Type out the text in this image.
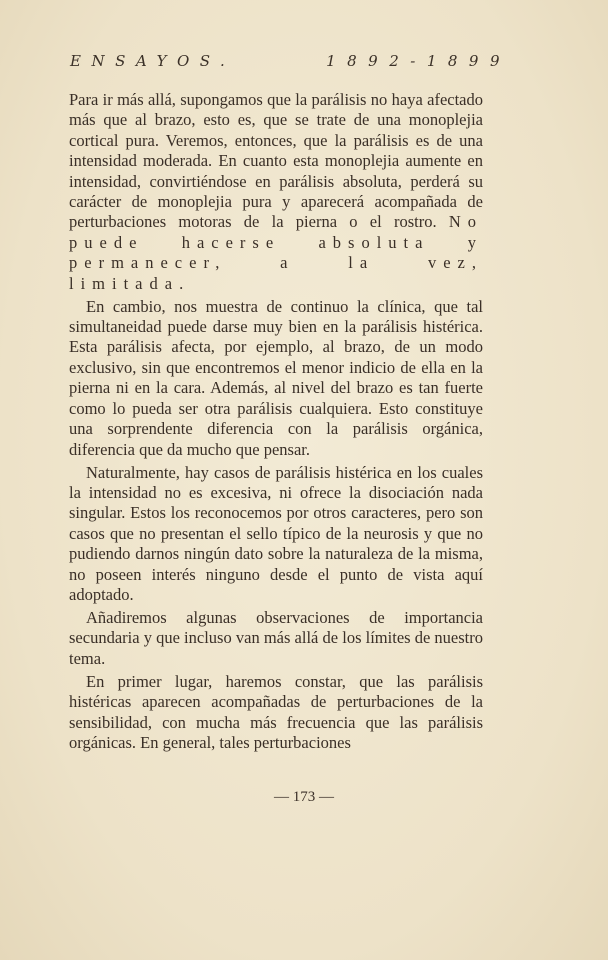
ENSAYOS.	1892-1899

Para ir más allá, supongamos que la parálisis no haya afectado más que al brazo, esto es, que se trate de una monoplejia cortical pura. Veremos, entonces, que la parálisis es de una intensidad moderada. En cuanto esta monoplejia aumente en intensidad, convirtiéndose en parálisis absoluta, perderá su carácter de monoplejia pura y aparecerá acompañada de perturbaciones motoras de la pierna o el rostro. No puede hacerse absoluta y permanecer, a la vez, limitada.

En cambio, nos muestra de continuo la clínica, que tal simultaneidad puede darse muy bien en la parálisis histérica. Esta parálisis afecta, por ejemplo, al brazo, de un modo exclusivo, sin que encontremos el menor indicio de ella en la pierna ni en la cara. Además, al nivel del brazo es tan fuerte como lo pueda ser otra parálisis cualquiera. Esto constituye una sorprendente diferencia con la parálisis orgánica, diferencia que da mucho que pensar.

Naturalmente, hay casos de parálisis histérica en los cuales la intensidad no es excesiva, ni ofrece la disociación nada singular. Estos los reconocemos por otros caracteres, pero son casos que no presentan el sello típico de la neurosis y que no pudiendo darnos ningún dato sobre la naturaleza de la misma, no poseen interés ninguno desde el punto de vista aquí adoptado.

Añadiremos algunas observaciones de importancia secundaria y que incluso van más allá de los límites de nuestro tema.

En primer lugar, haremos constar, que las parálisis histéricas aparecen acompañadas de perturbaciones de la sensibilidad, con mucha más frecuencia que las parálisis orgánicas. En general, tales perturbaciones

— 173 —
